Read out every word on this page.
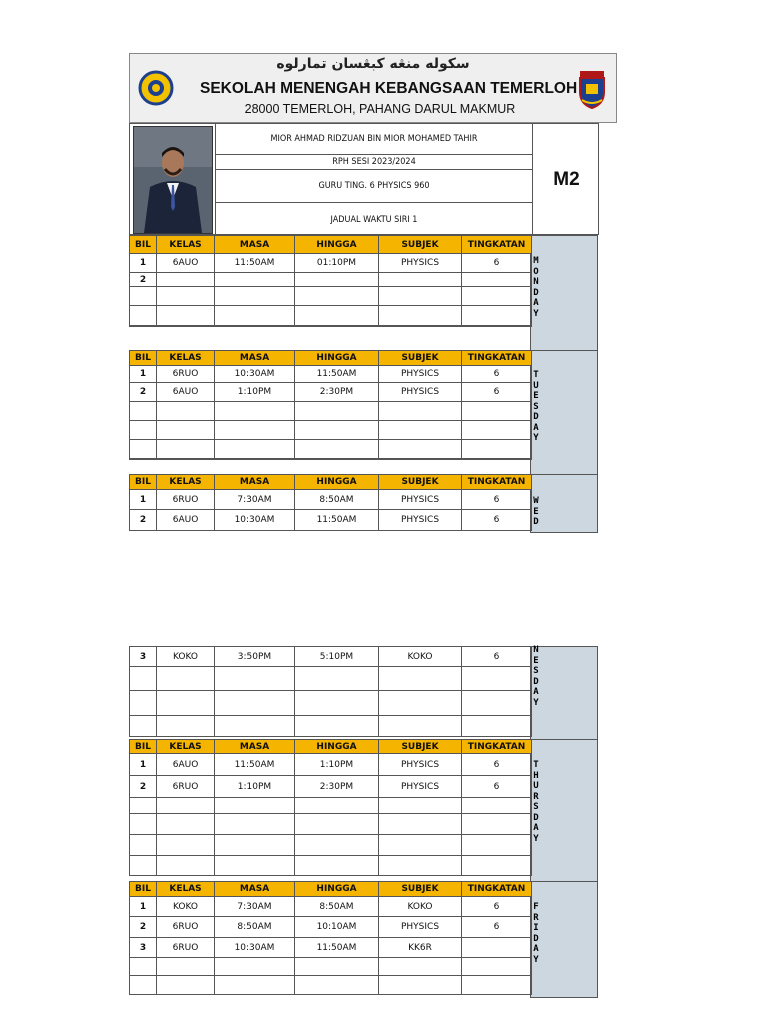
سکوله منڠه کبڠسان تمارلوه
SEKOLAH MENENGAH KEBANGSAAN TEMERLOH
28000 TEMERLOH, PAHANG DARUL MAKMUR
MIOR AHMAD RIDZUAN BIN MIOR MOHAMED TAHIR
RPH SESI 2023/2024
GURU TING. 6 PHYSICS 960
JADUAL WAKTU SIRI 1
M2
M
O
N
D
A
Y
T
U
E
S
D
A
Y
W
E
D
N
E
S
D
A
Y
T
H
U
R
S
D
A
Y
F
R
I
D
A
Y
BIL	KELAS	MASA	HINGGA	SUBJEK	TINGKATAN
1	6AUO	11:50AM	01:10PM	PHYSICS	6
2					

BIL	KELAS	MASA	HINGGA	SUBJEK	TINGKATAN
1	6RUO	10:30AM	11:50AM	PHYSICS	6
2	6AUO	1:10PM	2:30PM	PHYSICS	6

BIL	KELAS	MASA	HINGGA	SUBJEK	TINGKATAN
1	6RUO	7:30AM	8:50AM	PHYSICS	6
2	6AUO	10:30AM	11:50AM	PHYSICS	6
3	KOKO	3:50PM	5:10PM	KOKO	6

BIL	KELAS	MASA	HINGGA	SUBJEK	TINGKATAN
1	6AUO	11:50AM	1:10PM	PHYSICS	6
2	6RUO	1:10PM	2:30PM	PHYSICS	6

BIL	KELAS	MASA	HINGGA	SUBJEK	TINGKATAN
1	KOKO	7:30AM	8:50AM	KOKO	6
2	6RUO	8:50AM	10:10AM	PHYSICS	6
3	6RUO	10:30AM	11:50AM	KK6R	
